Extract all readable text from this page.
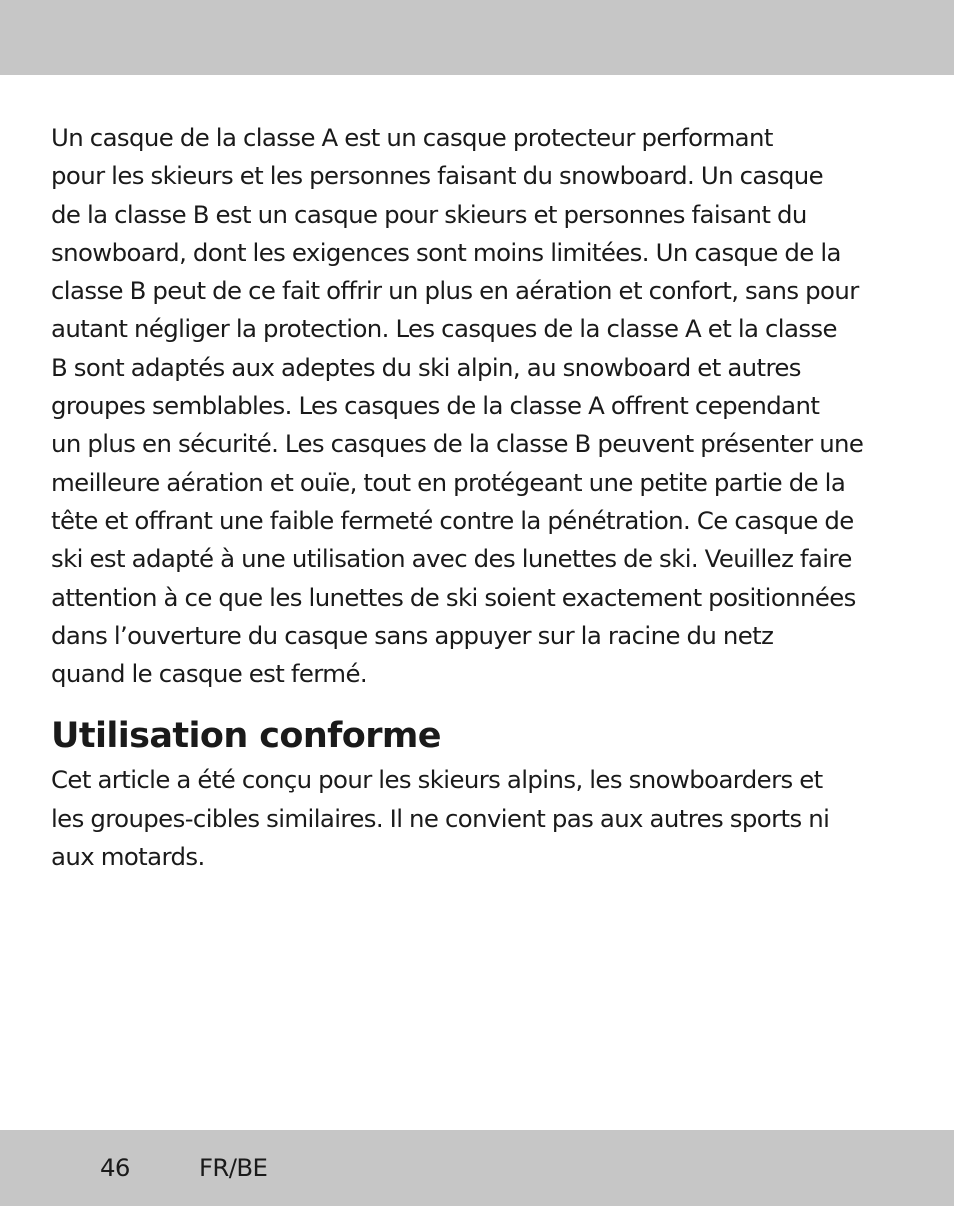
Un casque de la classe A est un casque protecteur performant
pour les skieurs et les personnes faisant du snowboard. Un casque
de la classe B est un casque pour skieurs et personnes faisant du
snowboard, dont les exigences sont moins limitées. Un casque de la
classe B peut de ce fait offrir un plus en aération et confort, sans pour
autant négliger la protection. Les casques de la classe A et la classe
B sont adaptés aux adeptes du ski alpin, au snowboard et autres
groupes semblables. Les casques de la classe A offrent cependant
un plus en sécurité. Les casques de la classe B peuvent présenter une
meilleure aération et ouïe, tout en protégeant une petite partie de la
tête et offrant une faible fermeté contre la pénétration. Ce casque de
ski est adapté à une utilisation avec des lunettes de ski. Veuillez faire
attention à ce que les lunettes de ski soient exactement positionnées
dans l’ouverture du casque sans appuyer sur la racine du netz
quand le casque est fermé.

Utilisation conforme

Cet article a été conçu pour les skieurs alpins, les snowboarders et
les groupes-cibles similaires. Il ne convient pas aux autres sports ni
aux motards.

46	FR/BE
